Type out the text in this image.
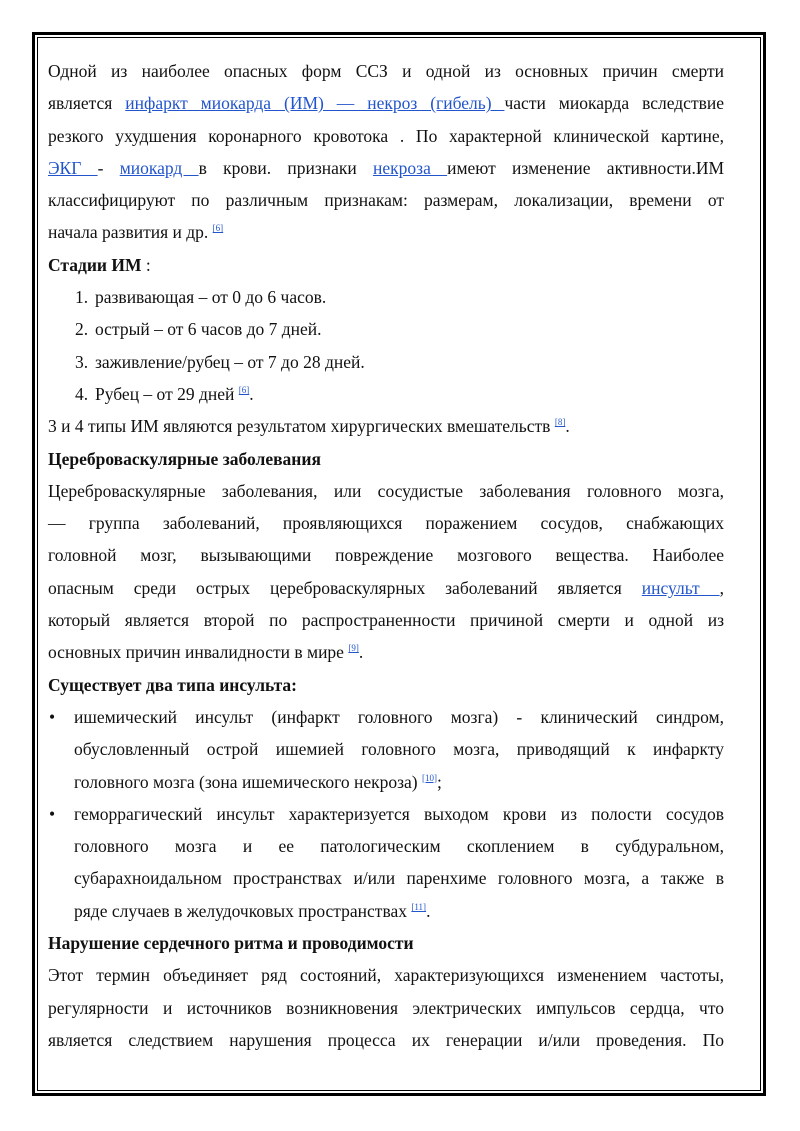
Одной из наиболее опасных форм ССЗ и одной из основных причин смерти

является инфаркт миокарда (ИМ) — некроз (гибель) части миокарда вследствие

резкого ухудшения коронарного кровотока . По характерной клинической картине,

ЭКГ - миокард в крови. признаки некроза имеют изменение активности.ИМ

классифицируют по различным признакам: размерам, локализации, времени от

начала развития и др. [6]

Стадии ИМ :

1. развивающая – от 0 до 6 часов.
2. острый – от 6 часов до 7 дней.
3. заживление/рубец – от 7 до 28 дней.
4. Рубец – от 29 дней [6].

3 и 4 типы ИМ являются результатом хирургических вмешательств [8].

Цереброваскулярные заболевания

Цереброваскулярные заболевания, или сосудистые заболевания головного мозга,

— группа заболеваний, проявляющихся поражением сосудов, снабжающих

головной мозг, вызывающими повреждение мозгового вещества. Наиболее

опасным среди острых цереброваскулярных заболеваний является инсульт ,

который является второй по распространенности причиной смерти и одной из

основных причин инвалидности в мире [9].

Существует два типа инсульта:
• ишемический инсульт (инфаркт головного мозга) - клинический синдром,

обусловленный острой ишемией головного мозга, приводящий к инфаркту

головного мозга (зона ишемического некроза) [10];

• геморрагический инсульт характеризуется выходом крови из полости сосудов

головного мозга и ее патологическим скоплением в субдуральном,

субарахноидальном пространствах и/или паренхиме головного мозга, а также в

ряде случаев в желудочковых пространствах [11].

Нарушение сердечного ритма и проводимости

Этот термин объединяет ряд состояний, характеризующихся изменением частоты,

регулярности и источников возникновения электрических импульсов сердца, что

является следствием нарушения процесса их генерации и/или проведения. По
